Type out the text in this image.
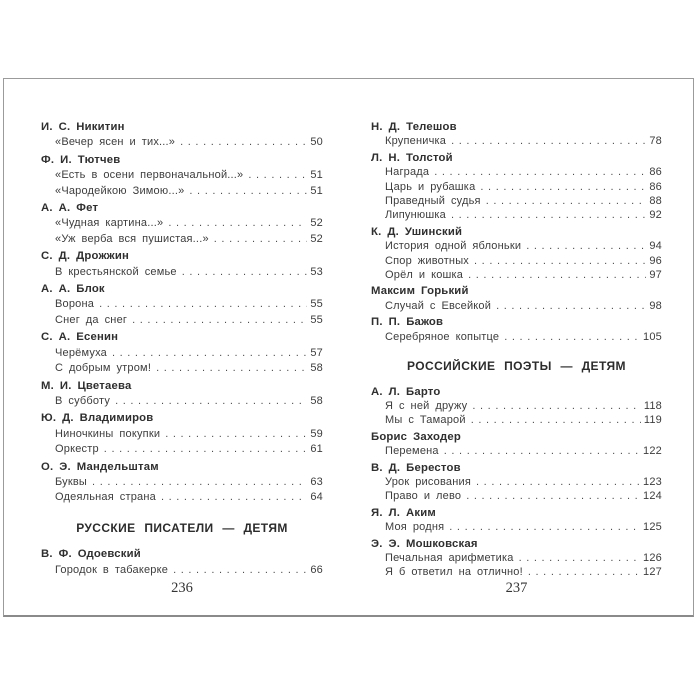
И. С. Никитин
«Вечер ясен и тих...» .....	50
Ф. И. Тютчев
«Есть в осени первоначальной...» .....	51
«Чародейкою Зимою...» .....	51
А. А. Фет
«Чудная картина...» .....	52
«Уж верба вся пушистая...» .....	52
С. Д. Дрожжин
В крестьянской семье .....	53
А. А. Блок
Ворона .....	55
Снег да снег .....	55
С. А. Есенин
Черёмуха .....	57
С добрым утром! .....	58
М. И. Цветаева
В субботу .....	58
Ю. Д. Владимиров
Ниночкины покупки .....	59
Оркестр .....	61
О. Э. Мандельштам
Буквы .....	63
Одеяльная страна .....	64
РУССКИЕ ПИСАТЕЛИ — ДЕТЯМ
В. Ф. Одоевский
Городок в табакерке .....	66
Н. Д. Телешов
Крупеничка .....	78
Л. Н. Толстой
Награда .....	86
Царь и рубашка .....	86
Праведный судья .....	88
Липунюшка .....	92
К. Д. Ушинский
История одной яблоньки .....	94
Спор животных .....	96
Орёл и кошка .....	97
Максим Горький
Случай с Евсейкой .....	98
П. П. Бажов
Серебряное копытце .....	105
РОССИЙСКИЕ ПОЭТЫ — ДЕТЯМ
А. Л. Барто
Я с ней дружу .....	118
Мы с Тамарой .....	119
Борис Заходер
Перемена .....	122
В. Д. Берестов
Урок рисования .....	123
Право и лево .....	124
Я. Л. Аким
Моя родня .....	125
Э. Э. Мошковская
Печальная арифметика .....	126
Я б ответил на отлично! .....	127
236	237
